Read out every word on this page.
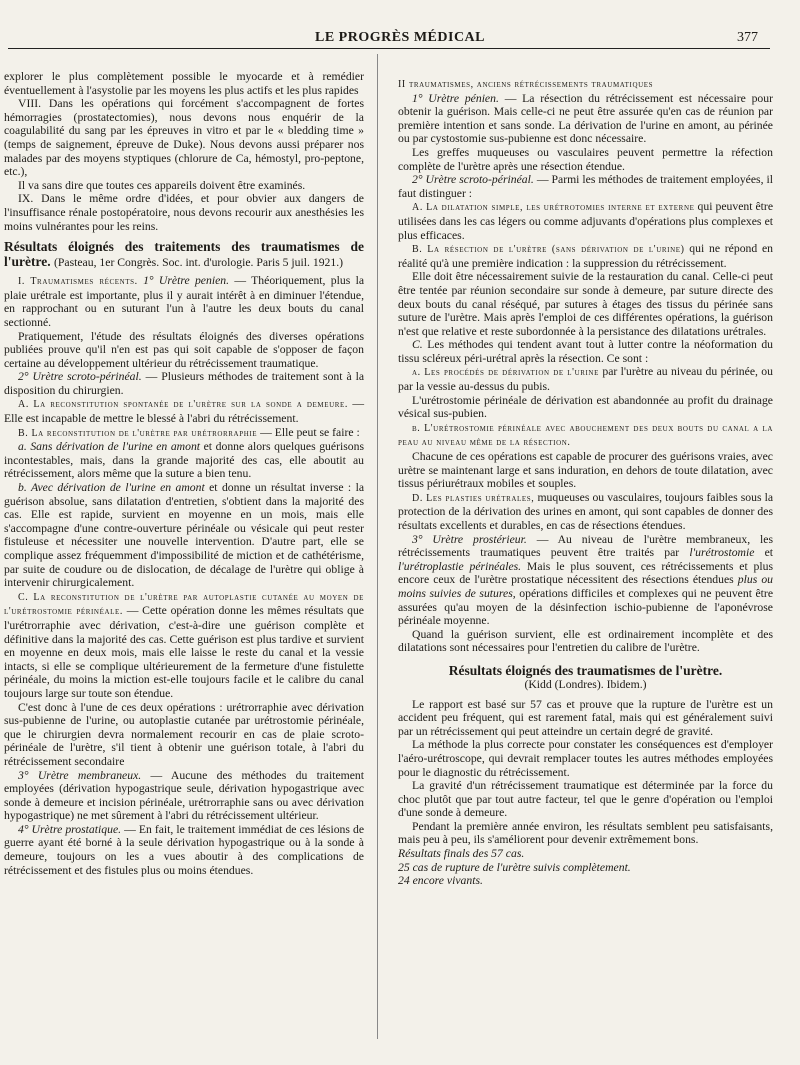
LE PROGRÈS MÉDICAL	377

explorer le plus complètement possible le myocarde et à remédier éventuellement à l'asystolie par les moyens les plus actifs et les plus rapides

VIII. Dans les opérations qui forcément s'accompagnent de fortes hémorragies (prostatectomies), nous devons nous enquérir de la coagulabilité du sang par les épreuves in vitro et par le « bledding time » (temps de saignement, épreuve de Duke). Nous devons aussi préparer nos malades par des moyens styptiques (chlorure de Ca, hémostyl, pro-peptone, etc.),

Il va sans dire que toutes ces appareils doivent être examinés.

IX. Dans le même ordre d'idées, et pour obvier aux dangers de l'insuffisance rénale postopératoire, nous devons recourir aux anesthésies les moins vulnérantes pour les reins.

Résultats éloignés des traitements des traumatismes de l'urètre. (Pasteau, 1er Congrès. Soc. int. d'urologie. Paris 5 juil. 1921.)

I. Traumatismes récents. 1° Urètre penien. — Théoriquement, plus la plaie urétrale est importante, plus il y aurait intérêt à en diminuer l'étendue, en rapprochant ou en suturant l'un à l'autre les deux bouts du canal sectionné.

Pratiquement, l'étude des résultats éloignés des diverses opérations publiées prouve qu'il n'en est pas qui soit capable de s'opposer de façon certaine au développement ultérieur du rétrécissement traumatique.

2° Urètre scroto-périnéal. — Plusieurs méthodes de traitement sont à la disposition du chirurgien.

A. La reconstitution spontanée de l'urètre sur la sonde a demeure. — Elle est incapable de mettre le blessé à l'abri du rétrécissement.

B. La reconstitution de l'urètre par urétrorraphie — Elle peut se faire :

a. Sans dérivation de l'urine en amont et donne alors quelques guérisons incontestables, mais, dans la grande majorité des cas, elle aboutit au rétrécissement, alors même que la suture a bien tenu.

b. Avec dérivation de l'urine en amont et donne un résultat inverse : la guérison absolue, sans dilatation d'entretien, s'obtient dans la majorité des cas. Elle est rapide, survient en moyenne en un mois, mais elle s'accompagne d'une contre-ouverture périnéale ou vésicale qui peut rester fistuleuse et nécessiter une nouvelle intervention. D'autre part, elle se complique assez fréquemment d'impossibilité de miction et de cathétérisme, par suite de coudure ou de dislocation, de décalage de l'urètre qui oblige à intervenir chirurgicalement.

C. La reconstitution de l'urètre par autoplastie cutanée au moyen de l'urétrostomie périnéale. — Cette opération donne les mêmes résultats que l'urétrorraphie avec dérivation, c'est-à-dire une guérison complète et définitive dans la majorité des cas. Cette guérison est plus tardive et survient en moyenne en deux mois, mais elle laisse le reste du canal et la vessie intacts, si elle se complique ultérieurement de la fermeture d'une fistulette périnéale, du moins la miction est-elle toujours facile et le calibre du canal toujours large sur toute son étendue.

C'est donc à l'une de ces deux opérations : urétrorraphie avec dérivation sus-pubienne de l'urine, ou autoplastie cutanée par urétrostomie périnéale, que le chirurgien devra normalement recourir en cas de plaie scroto-périnéale de l'urètre, s'il tient à obtenir une guérison totale, à l'abri du rétrécissement secondaire

3° Urètre membraneux. — Aucune des méthodes du traitement employées (dérivation hypogastrique seule, dérivation hypogastrique avec sonde à demeure et incision périnéale, urétrorraphie sans ou avec dérivation hypogastrique) ne met sûrement à l'abri du rétrécissement ultérieur.

4° Urètre prostatique. — En fait, le traitement immédiat de ces lésions de guerre ayant été borné à la seule dérivation hypogastrique ou à la sonde à demeure, toujours on les a vues aboutir à des complications de rétrécissement et des fistules plus ou moins étendues.

II traumatismes, anciens rétrécissements traumatiques

1° Urètre pénien. — La résection du rétrécissement est nécessaire pour obtenir la guérison. Mais celle-ci ne peut être assurée qu'en cas de réunion par première intention et sans sonde. La dérivation de l'urine en amont, au périnée ou par cystostomie sus-pubienne est donc nécessaire.

Les greffes muqueuses ou vasculaires peuvent permettre la réfection complète de l'urètre après une résection étendue.

2° Urètre scroto-périnéal. — Parmi les méthodes de traitement employées, il faut distinguer :

A. La dilatation simple, les urétrotomies interne et externe qui peuvent être utilisées dans les cas légers ou comme adjuvants d'opérations plus complexes et plus efficaces.

B. La résection de l'urètre (sans dérivation de l'urine) qui ne répond en réalité qu'à une première indication : la suppression du rétrécissement.

Elle doit être nécessairement suivie de la restauration du canal. Celle-ci peut être tentée par réunion secondaire sur sonde à demeure, par suture directe des deux bouts du canal réséqué, par sutures à étages des tissus du périnée sans suture de l'urètre. Mais après l'emploi de ces différentes opérations, la guérison n'est que relative et reste subordonnée à la persistance des dilatations urétrales.

C. Les méthodes qui tendent avant tout à lutter contre la néoformation du tissu scléreux péri-urétral après la résection. Ce sont :

a. Les procédés de dérivation de l'urine par l'urètre au niveau du périnée, ou par la vessie au-dessus du pubis.

L'urétrostomie périnéale de dérivation est abandonnée au profit du drainage vésical sus-pubien.

b. L'urétrostomie périnéale avec abouchement des deux bouts du canal a la peau au niveau même de la résection.

Chacune de ces opérations est capable de procurer des guérisons vraies, avec urètre se maintenant large et sans induration, en dehors de toute dilatation, avec tissus périurétraux mobiles et souples.

D. Les plasties urétrales, muqueuses ou vasculaires, toujours faibles sous la protection de la dérivation des urines en amont, qui sont capables de donner des résultats excellents et durables, en cas de résections étendues.

3° Urètre prostérieur. — Au niveau de l'urètre membraneux, les rétrécissements traumatiques peuvent être traités par l'urétrostomie et l'urétroplastie périnéales. Mais le plus souvent, ces rétrécissements et plus encore ceux de l'urètre prostatique nécessitent des résections étendues plus ou moins suivies de sutures, opérations difficiles et complexes qui ne peuvent être assurées qu'au moyen de la désinfection ischio-pubienne de l'aponévrose périnéale moyenne.

Quand la guérison survient, elle est ordinairement incomplète et des dilatations sont nécessaires pour l'entretien du calibre de l'urètre.

Résultats éloignés des traumatismes de l'urètre.

(Kidd (Londres). Ibidem.)

Le rapport est basé sur 57 cas et prouve que la rupture de l'urètre est un accident peu fréquent, qui est rarement fatal, mais qui est généralement suivi par un rétrécissement qui peut atteindre un certain degré de gravité.

La méthode la plus correcte pour constater les conséquences est d'employer l'aéro-urétroscope, qui devrait remplacer toutes les autres méthodes employées pour le diagnostic du rétrécissement.

La gravité d'un rétrécissement traumatique est déterminée par la force du choc plutôt que par tout autre facteur, tel que le genre d'opération ou l'emploi d'une sonde à demeure.

Pendant la première année environ, les résultats semblent peu satisfaisants, mais peu à peu, ils s'améliorent pour devenir extrêmement bons.

Résultats finals des 57 cas.

25 cas de rupture de l'urètre suivis complètement.

24 encore vivants.
